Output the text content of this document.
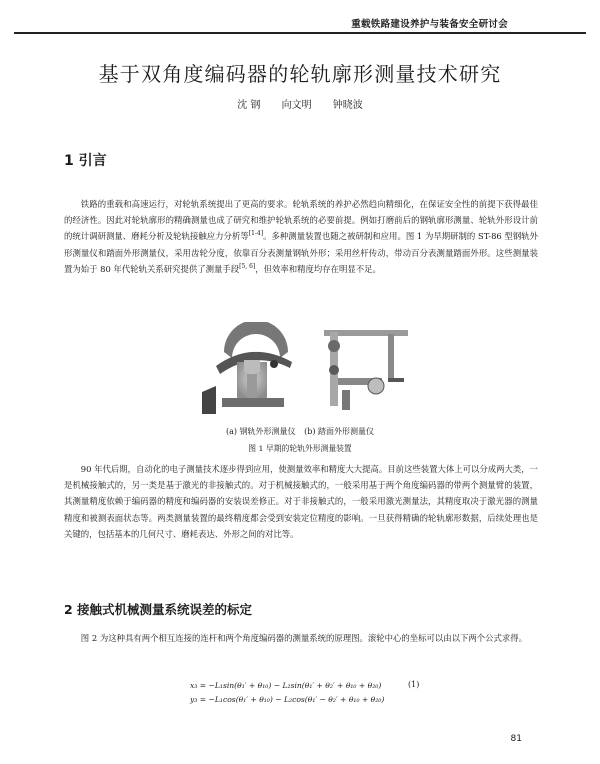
重载铁路建设养护与装备安全研讨会
基于双角度编码器的轮轨廓形测量技术研究
沈 钢 向文明 钟晓波
1 引言

铁路的重载和高速运行，对轮轨系统提出了更高的要求。轮轨系统的养护必然趋向精细化，在保证安全性的前提下获得最佳的经济性。因此对轮轨廓形的精确测量也成了研究和维护轮轨系统的必要前提。例如打磨前后的钢轨廓形测量、轮轨外形设计前的统计调研测量、磨耗分析及轮轨接触应力分析等[1-4]。多种测量装置也随之被研制和应用。图 1 为早期研制的 ST-86 型钢轨外形测量仪和踏面外形测量仪，采用齿轮分度，依靠百分表测量钢轨外形；采用丝杆传动，带动百分表测量踏面外形。这些测量装置为始于 80 年代轮轨关系研究提供了测量手段[5, 6]，但效率和精度均存在明显不足。

(a) 钢轨外形测量仪 (b) 踏面外形测量仪
图 1 早期的轮轨外形测量装置

90 年代后期，自动化的电子测量技术逐步得到应用，使测量效率和精度大大提高。目前这些装置大体上可以分成两大类，一是机械接触式的，另一类是基于激光的非接触式的。对于机械接触式的，一般采用基于两个角度编码器的带两个测量臂的装置，其测量精度依赖于编码器的精度和编码器的安装误差修正。对于非接触式的，一般采用激光测量法，其精度取决于激光器的测量精度和被测表面状态等。两类测量装置的最终精度都会受到安装定位精度的影响。一旦获得精确的轮轨廓形数据，后续处理也是关键的，包括基本的几何尺寸、磨耗表达、外形之间的对比等。

2 接触式机械测量系统误差的标定

图 2 为这种具有两个相互连接的连杆和两个角度编码器的测量系统的原理图。滚轮中心的坐标可以由以下两个公式求得。

x₃ = −L₁sin(θ₁′ + θ₁₀) − L₂sin(θ₁′ + θ₂′ + θ₁₀ + θ₂₀)
y₃ = −L₁cos(θ₁′ + θ₁₀) − L₂cos(θ₁′ − θ₂′ + θ₁₀ + θ₂₀)
(1)
81
